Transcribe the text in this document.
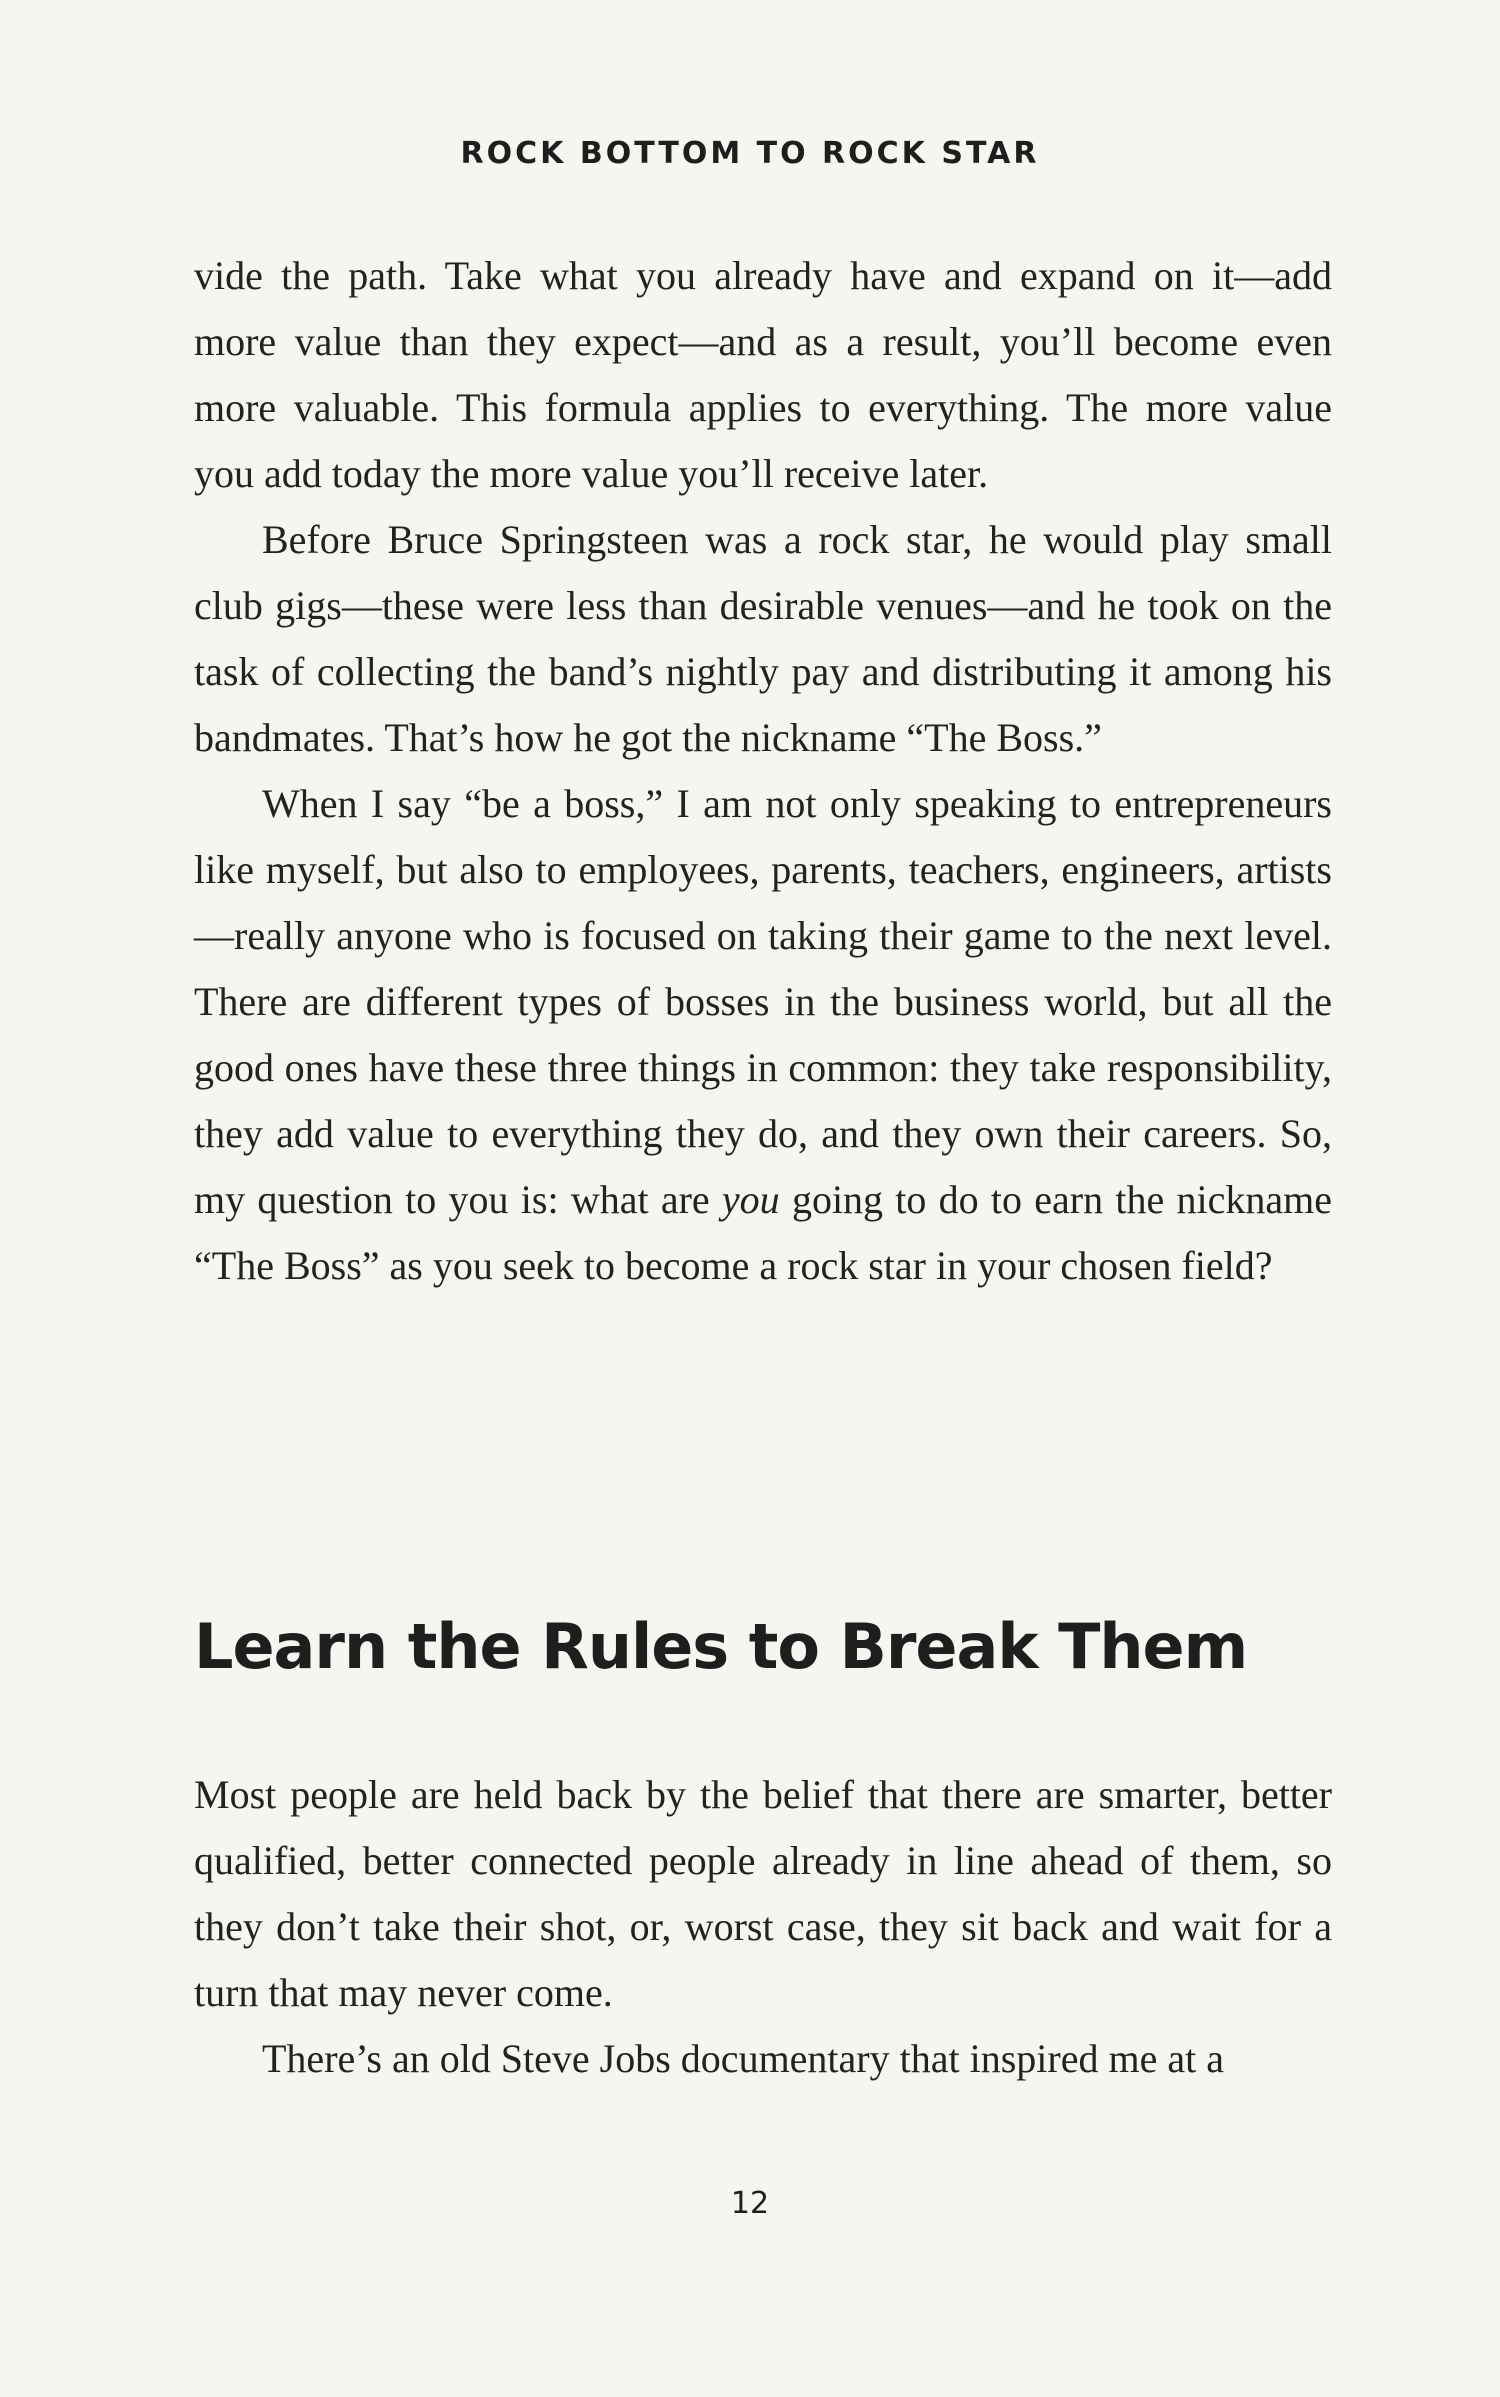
ROCK BOTTOM TO ROCK STAR

vide the path. Take what you already have and expand on it—add more value than they expect—and as a result, you’ll become even more valuable. This formula applies to everything. The more value you add today the more value you’ll receive later.

Before Bruce Springsteen was a rock star, he would play small club gigs—these were less than desirable venues—and he took on the task of collecting the band’s nightly pay and distributing it among his bandmates. That’s how he got the nickname “The Boss.”

When I say “be a boss,” I am not only speaking to entrepreneurs like myself, but also to employees, parents, teachers, engineers, artists—really anyone who is focused on taking their game to the next level. There are different types of bosses in the business world, but all the good ones have these three things in common: they take responsibility, they add value to everything they do, and they own their careers. So, my question to you is: what are you going to do to earn the nickname “The Boss” as you seek to become a rock star in your chosen field?

Learn the Rules to Break Them

Most people are held back by the belief that there are smarter, better qualified, better connected people already in line ahead of them, so they don’t take their shot, or, worst case, they sit back and wait for a turn that may never come.

There’s an old Steve Jobs documentary that inspired me at a

12
